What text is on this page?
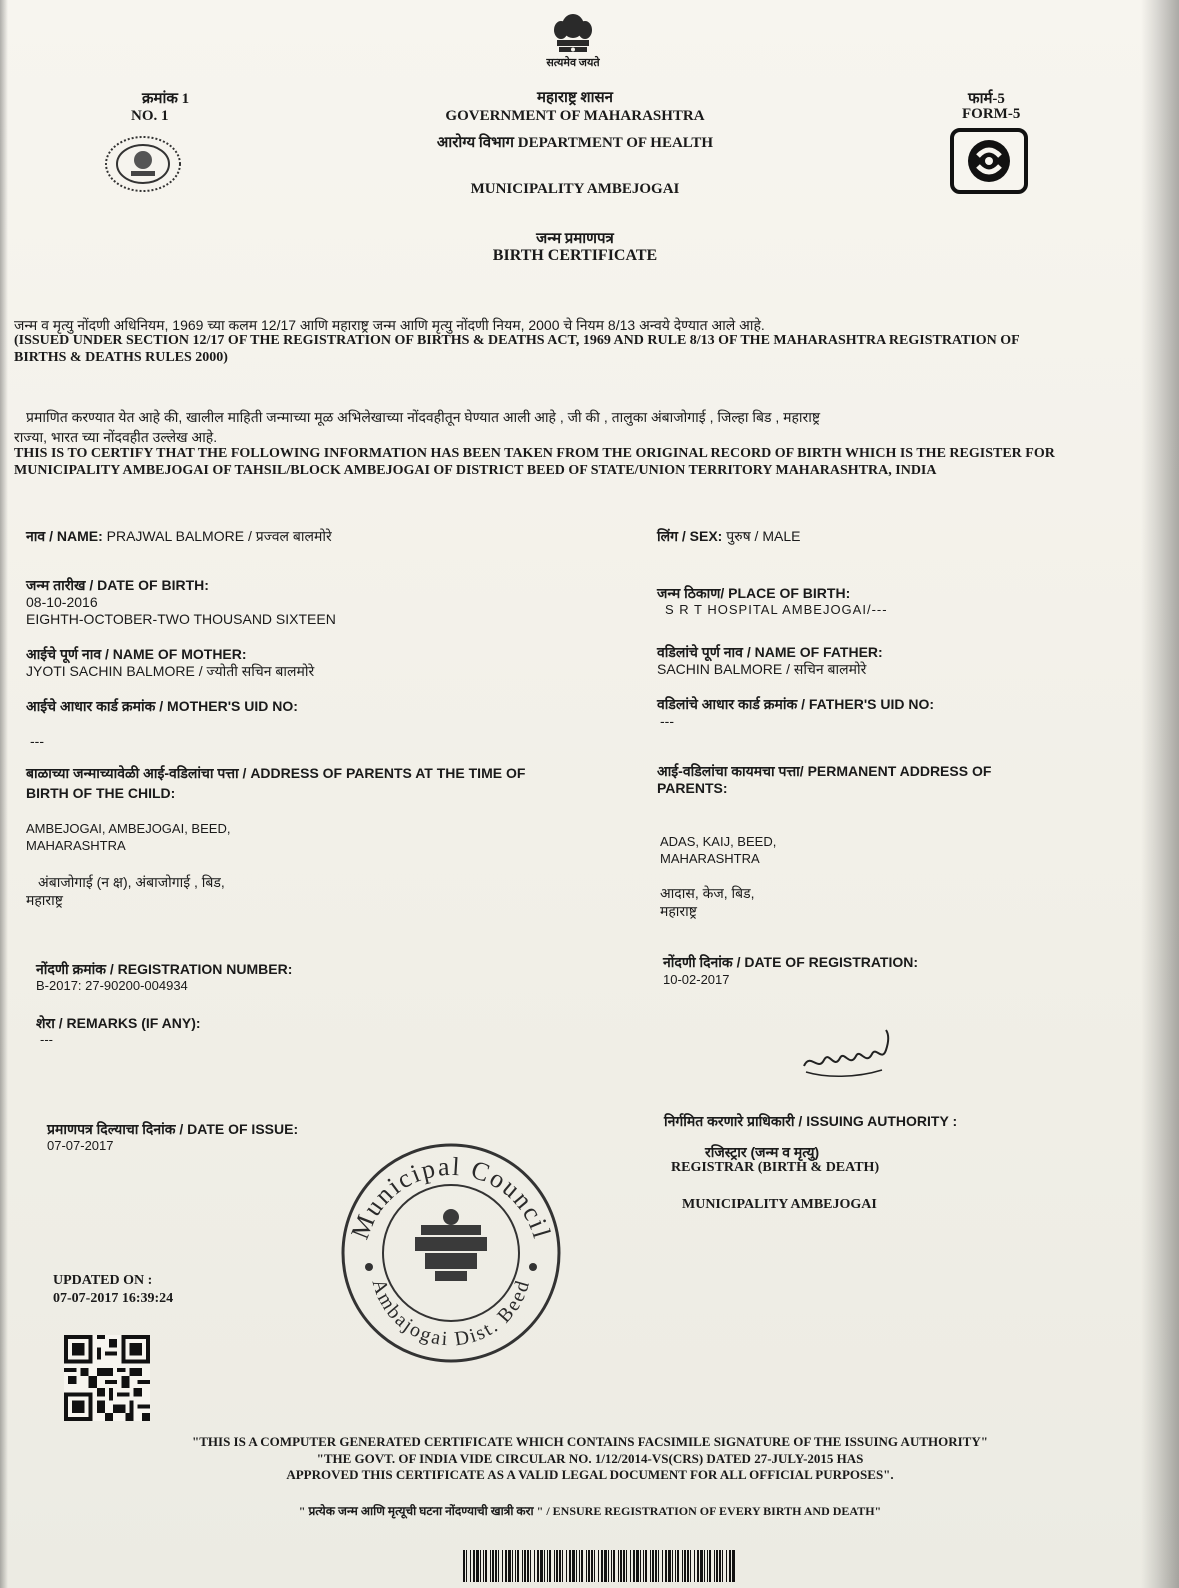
सत्यमेव जयते
क्रमांक 1
NO. 1
महाराष्ट्र शासन
GOVERNMENT OF MAHARASHTRA
आरोग्य विभाग DEPARTMENT OF HEALTH
MUNICIPALITY AMBEJOGAI
जन्म प्रमाणपत्र
BIRTH CERTIFICATE
फार्म-5
FORM-5
जन्म व मृत्यु नोंदणी अधिनियम, 1969 च्या कलम 12/17 आणि महाराष्ट्र जन्म आणि मृत्यु नोंदणी नियम, 2000 चे नियम 8/13 अन्वये देण्यात आले आहे.
(ISSUED UNDER SECTION 12/17 OF THE REGISTRATION OF BIRTHS & DEATHS ACT, 1969 AND RULE 8/13 OF THE MAHARASHTRA REGISTRATION OF
BIRTHS & DEATHS RULES 2000)
प्रमाणित करण्यात येत आहे की, खालील माहिती जन्माच्या मूळ अभिलेखाच्या नोंदवहीतून घेण्यात आली आहे , जी की , तालुका अंबाजोगाई , जिल्हा बिड , महाराष्ट्र
राज्या, भारत च्या नोंदवहीत उल्लेख आहे.
THIS IS TO CERTIFY THAT THE FOLLOWING INFORMATION HAS BEEN TAKEN FROM THE ORIGINAL RECORD OF BIRTH WHICH IS THE REGISTER FOR
MUNICIPALITY AMBEJOGAI OF TAHSIL/BLOCK AMBEJOGAI OF DISTRICT BEED OF STATE/UNION TERRITORY MAHARASHTRA, INDIA
नाव / NAME: PRAJWAL BALMORE / प्रज्वल बालमोरे	लिंग / SEX: पुरुष / MALE
जन्म तारीख / DATE OF BIRTH:
08-10-2016
EIGHTH-OCTOBER-TWO THOUSAND SIXTEEN
जन्म ठिकाण/ PLACE OF BIRTH:
S R T HOSPITAL AMBEJOGAI/---
आईचे पूर्ण नाव / NAME OF MOTHER:
JYOTI SACHIN BALMORE / ज्योती सचिन बालमोरे
वडिलांचे पूर्ण नाव / NAME OF FATHER:
SACHIN BALMORE / सचिन बालमोरे
आईचे आधार कार्ड क्रमांक / MOTHER'S UID NO:
---
वडिलांचे आधार कार्ड क्रमांक / FATHER'S UID NO:
---
बाळाच्या जन्माच्यावेळी आई-वडिलांचा पत्ता / ADDRESS OF PARENTS AT THE TIME OF
BIRTH OF THE CHILD:
AMBEJOGAI, AMBEJOGAI, BEED,
MAHARASHTRA
अंबाजोगाई (न क्ष), अंबाजोगाई , बिड,
महाराष्ट्र
आई-वडिलांचा कायमचा पत्ता/ PERMANENT ADDRESS OF
PARENTS:
ADAS, KAIJ, BEED,
MAHARASHTRA
आदास, केज, बिड,
महाराष्ट्र
नोंदणी क्रमांक / REGISTRATION NUMBER:
B-2017: 27-90200-004934
नोंदणी दिनांक / DATE OF REGISTRATION:
10-02-2017
शेरा / REMARKS (IF ANY):
---
प्रमाणपत्र दिल्याचा दिनांक / DATE OF ISSUE:
07-07-2017
निर्गमित करणारे प्राधिकारी / ISSUING AUTHORITY :
रजिस्ट्रार (जन्म व मृत्यु)
REGISTRAR (BIRTH & DEATH)
MUNICIPALITY AMBEJOGAI
Municipal Council
Ambajogai Dist. Beed
UPDATED ON :
07-07-2017 16:39:24
"THIS IS A COMPUTER GENERATED CERTIFICATE WHICH CONTAINS FACSIMILE SIGNATURE OF THE ISSUING AUTHORITY"
"THE GOVT. OF INDIA VIDE CIRCULAR NO. 1/12/2014-VS(CRS) DATED 27-JULY-2015 HAS
APPROVED THIS CERTIFICATE AS A VALID LEGAL DOCUMENT FOR ALL OFFICIAL PURPOSES".
" प्रत्येक जन्म आणि मृत्यूची घटना नोंदण्याची खात्री करा " / ENSURE REGISTRATION OF EVERY BIRTH AND DEATH"
